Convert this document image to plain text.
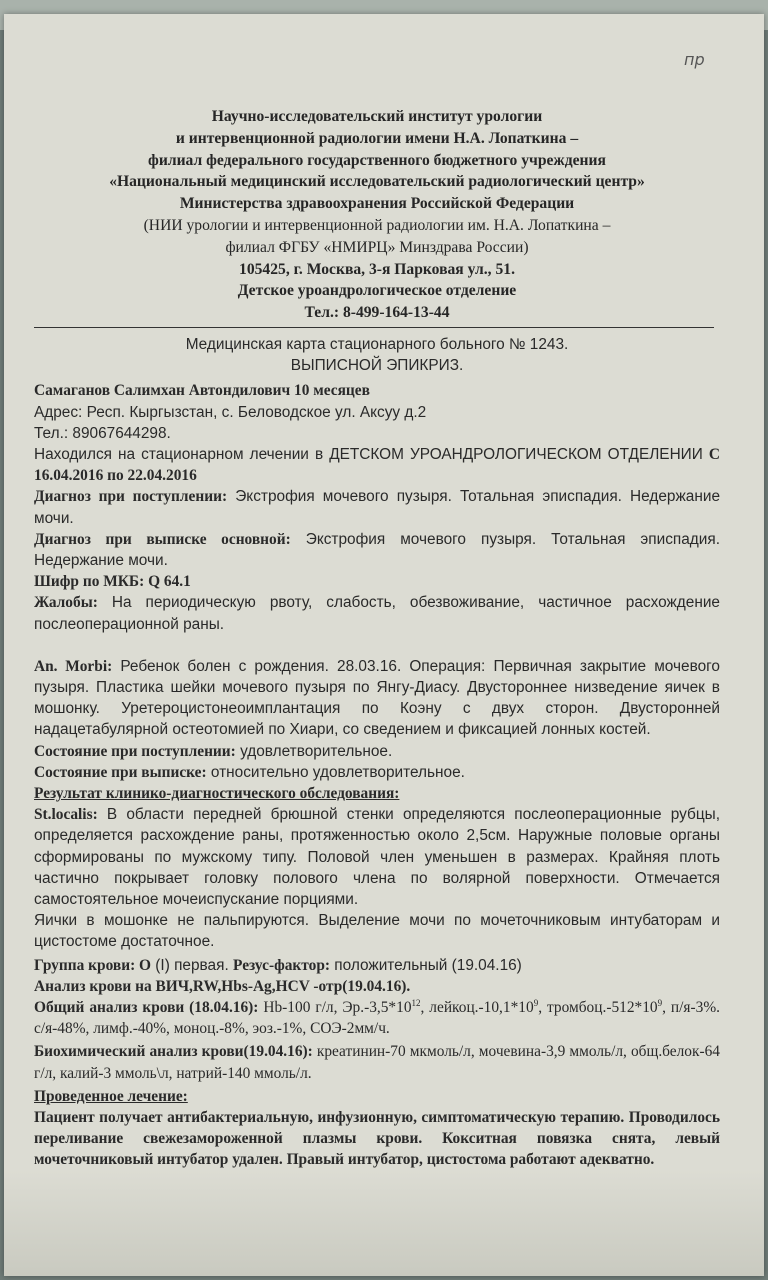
пр
Научно-исследовательский институт урологии
и интервенционной радиологии имени Н.А. Лопаткина –
филиал федерального государственного бюджетного учреждения
«Национальный медицинский исследовательский радиологический центр»
Министерства здравоохранения Российской Федерации
(НИИ урологии и интервенционной радиологии им. Н.А. Лопаткина –
филиал ФГБУ «НМИРЦ» Минздрава России)
105425, г. Москва, 3-я Парковая ул., 51.
Детское уроандрологическое отделение
Тел.: 8-499-164-13-44

Медицинская карта стационарного больного № 1243.

ВЫПИСНОЙ ЭПИКРИЗ.

Самаганов Салимхан Автондилович 10 месяцев

Адрес: Респ. Кыргызстан, с. Беловодское ул. Аксуу д.2

Тел.: 89067644298.

Находился на стационарном лечении в ДЕТСКОМ УРОАНДРОЛОГИЧЕСКОМ ОТДЕЛЕНИИ С 16.04.2016 по 22.04.2016

Диагноз при поступлении: Экстрофия мочевого пузыря. Тотальная эписпадия. Недержание мочи.

Диагноз при выписке основной: Экстрофия мочевого пузыря. Тотальная эписпадия. Недержание мочи.

Шифр по МКБ: Q 64.1

Жалобы: На периодическую рвоту, слабость, обезвоживание, частичное расхождение послеоперационной раны.

An. Morbi: Ребенок болен с рождения. 28.03.16. Операция: Первичная закрытие мочевого пузыря. Пластика шейки мочевого пузыря по Янгу-Диасу. Двустороннее низведение яичек в мошонку. Уретероцистонеоимплантация по Коэну с двух сторон. Двусторонней надацетабулярной остеотомией по Хиари, со сведением и фиксацией лонных костей.

Состояние при поступлении: удовлетворительное.

Состояние при выписке: относительно удовлетворительное.

Результат клинико-диагностического обследования:

St.localis: В области передней брюшной стенки определяются послеоперационные рубцы, определяется расхождение раны, протяженностью около 2,5см. Наружные половые органы сформированы по мужскому типу. Половой член уменьшен в размерах. Крайняя плоть частично покрывает головку полового члена по волярной поверхности. Отмечается самостоятельное мочеиспускание порциями.

Яички в мошонке не пальпируются. Выделение мочи по мочеточниковым интубаторам и цистостоме достаточное.

Группа крови: О (I) первая. Резус-фактор: положительный (19.04.16)

Анализ крови на ВИЧ,RW,Hbs-Ag,HCV -отр(19.04.16).

Общий анализ крови (18.04.16): Нb-100 г/л, $Эр.-3,5*10^{12}$, $лейкоц.-10,1*10^9$, $тромбоц.-512*10^9$, п/я-3%. с/я-48%, лимф.-40%, моноц.-8%, эоз.-1%, СОЭ-2мм/ч.

Биохимический анализ крови(19.04.16): креатинин-70 мкмоль/л, мочевина-3,9 ммоль/л, общ.белок-64 г/л, калий-3 ммоль\л, натрий-140 ммоль/л.

Проведенное лечение:

Пациент получает антибактериальную, инфузионную, симптоматическую терапию. Проводилось переливание свежезамороженной плазмы крови. Кокситная повязка снята, левый мочеточниковый интубатор удален. Правый интубатор, цистостома работают адекватно.
